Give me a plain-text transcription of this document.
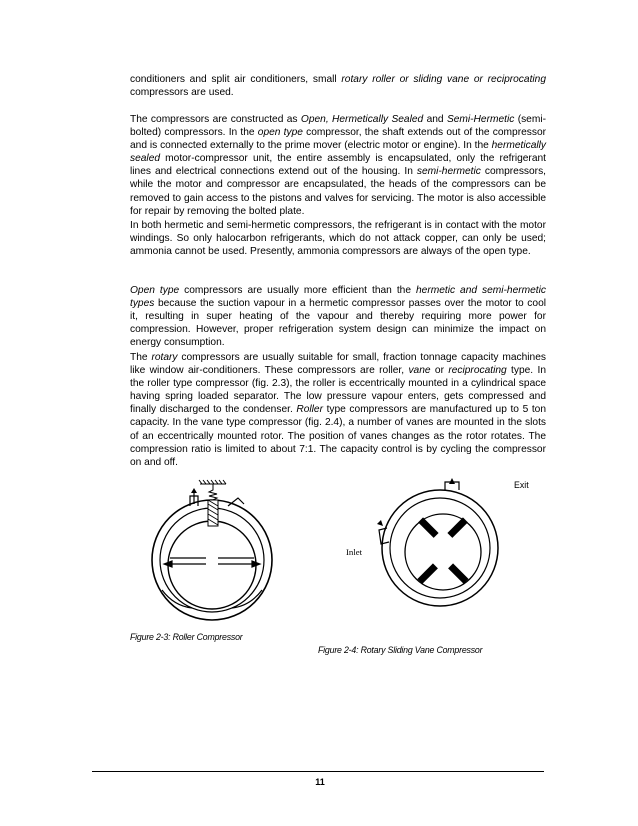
conditioners and split air conditioners, small rotary roller or sliding vane or reciprocating compressors are used.
The compressors are constructed as Open, Hermetically Sealed and Semi-Hermetic (semi-bolted) compressors. In the open type compressor, the shaft extends out of the compressor and is connected externally to the prime mover (electric motor or engine). In the hermetically sealed motor-compressor unit, the entire assembly is encapsulated, only the refrigerant lines and electrical connections extend out of the housing. In semi-hermetic compressors, while the motor and compressor are encapsulated, the heads of the compressors can be removed to gain access to the pistons and valves for servicing. The motor is also accessible for repair by removing the bolted plate.
In both hermetic and semi-hermetic compressors, the refrigerant is in contact with the motor windings. So only halocarbon refrigerants, which do not attack copper, can only be used; ammonia cannot be used. Presently, ammonia compressors are always of the open type.
Open type compressors are usually more efficient than the hermetic and semi-hermetic types because the suction vapour in a hermetic compressor passes over the motor to cool it, resulting in super heating of the vapour and thereby requiring more power for compression. However, proper refrigeration system design can minimize the impact on energy consumption.
The rotary compressors are usually suitable for small, fraction tonnage capacity machines like window air-conditioners. These compressors are roller, vane or reciprocating type. In the roller type compressor (fig. 2.3), the roller is eccentrically mounted in a cylindrical space having spring loaded separator. The low pressure vapour enters, gets compressed and finally discharged to the condenser. Roller type compressors are manufactured up to 5 ton capacity. In the vane type compressor (fig. 2.4), a number of vanes are mounted in the slots of an eccentrically mounted rotor. The position of vanes changes as the rotor rotates. The compression ratio is limited to about 7:1. The capacity control is by cycling the compressor on and off.
Exit
Inlet
Figure 2-3: Roller Compressor
Figure 2-4: Rotary Sliding Vane Compressor
11
